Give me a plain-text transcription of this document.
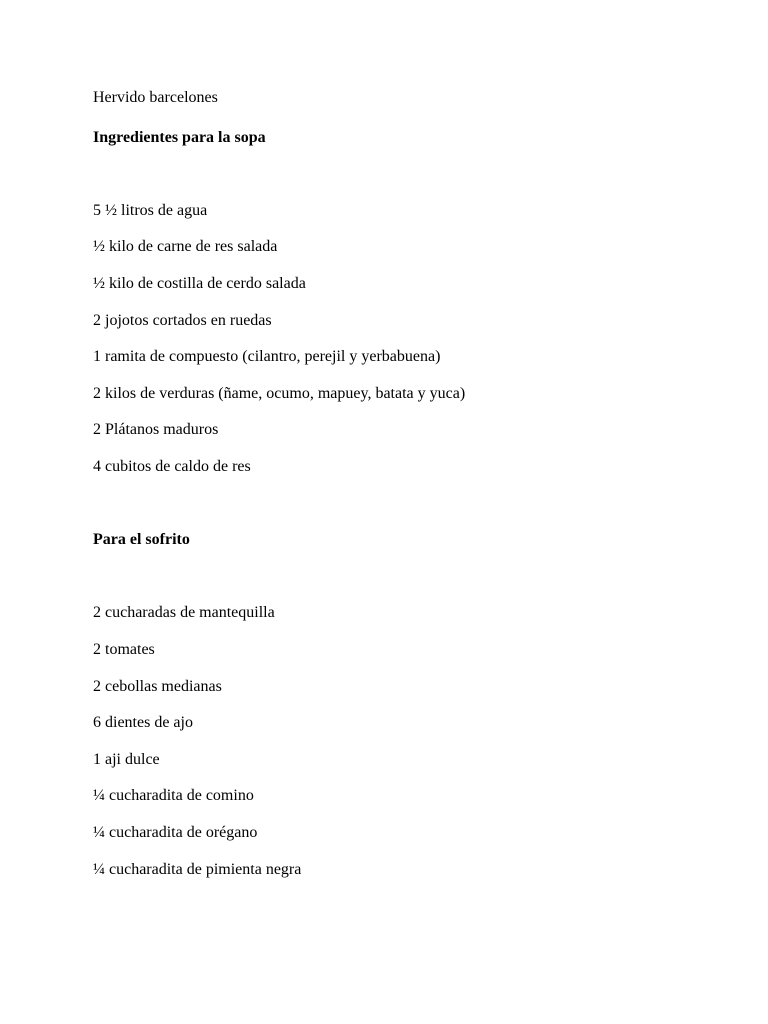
Hervido barcelones

Ingredientes para la sopa

5 ½ litros de agua

½ kilo de carne de res salada

½ kilo de costilla de cerdo salada

2 jojotos cortados en ruedas

1 ramita de compuesto (cilantro, perejil y yerbabuena)

2 kilos de verduras (ñame, ocumo, mapuey, batata y yuca)

2 Plátanos maduros

4 cubitos de caldo de res

Para el sofrito

2 cucharadas de mantequilla

2 tomates

2 cebollas medianas

6 dientes de ajo

1 aji dulce

¼ cucharadita de comino

¼ cucharadita de orégano

¼ cucharadita de pimienta negra
